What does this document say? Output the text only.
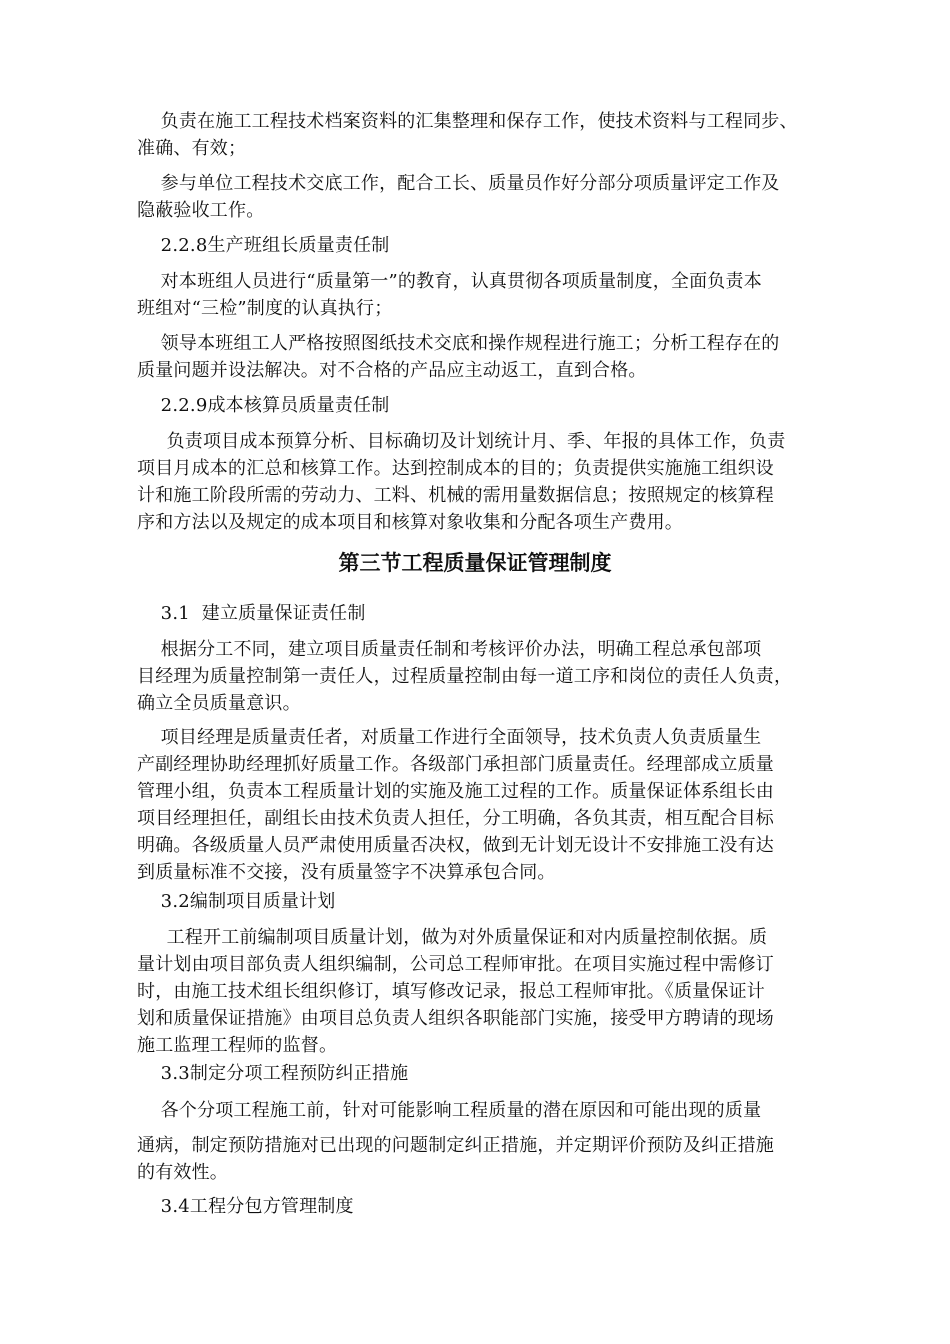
负责在施工工程技术档案资料的汇集整理和保存工作，使技术资料与工程同步、
准确、有效；
参与单位工程技术交底工作，配合工长、质量员作好分部分项质量评定工作及
隐蔽验收工作。
2.2.8生产班组长质量责任制
对本班组人员进行“质量第一”的教育，认真贯彻各项质量制度，全面负责本
班组对“三检”制度的认真执行；
领导本班组工人严格按照图纸技术交底和操作规程进行施工；分析工程存在的
质量问题并设法解决。对不合格的产品应主动返工，直到合格。
2.2.9成本核算员质量责任制
负责项目成本预算分析、目标确切及计划统计月、季、年报的具体工作，负责
项目月成本的汇总和核算工作。达到控制成本的目的；负责提供实施施工组织设
计和施工阶段所需的劳动力、工料、机械的需用量数据信息；按照规定的核算程
序和方法以及规定的成本项目和核算对象收集和分配各项生产费用。
第三节工程质量保证管理制度
3.1  建立质量保证责任制
根据分工不同，建立项目质量责任制和考核评价办法，明确工程总承包部项
目经理为质量控制第一责任人，过程质量控制由每一道工序和岗位的责任人负责，
确立全员质量意识。
项目经理是质量责任者，对质量工作进行全面领导，技术负责人负责质量生
产副经理协助经理抓好质量工作。各级部门承担部门质量责任。经理部成立质量
管理小组，负责本工程质量计划的实施及施工过程的工作。质量保证体系组长由
项目经理担任，副组长由技术负责人担任，分工明确，各负其责，相互配合目标
明确。各级质量人员严肃使用质量否决权，做到无计划无设计不安排施工没有达
到质量标准不交接，没有质量签字不决算承包合同。
3.2编制项目质量计划
工程开工前编制项目质量计划，做为对外质量保证和对内质量控制依据。质
量计划由项目部负责人组织编制，公司总工程师审批。在项目实施过程中需修订
时，由施工技术组长组织修订，填写修改记录，报总工程师审批。《质量保证计
划和质量保证措施》由项目总负责人组织各职能部门实施，接受甲方聘请的现场
施工监理工程师的监督。
3.3制定分项工程预防纠正措施
各个分项工程施工前，针对可能影响工程质量的潜在原因和可能出现的质量
通病，制定预防措施对已出现的问题制定纠正措施，并定期评价预防及纠正措施
的有效性。
3.4工程分包方管理制度
